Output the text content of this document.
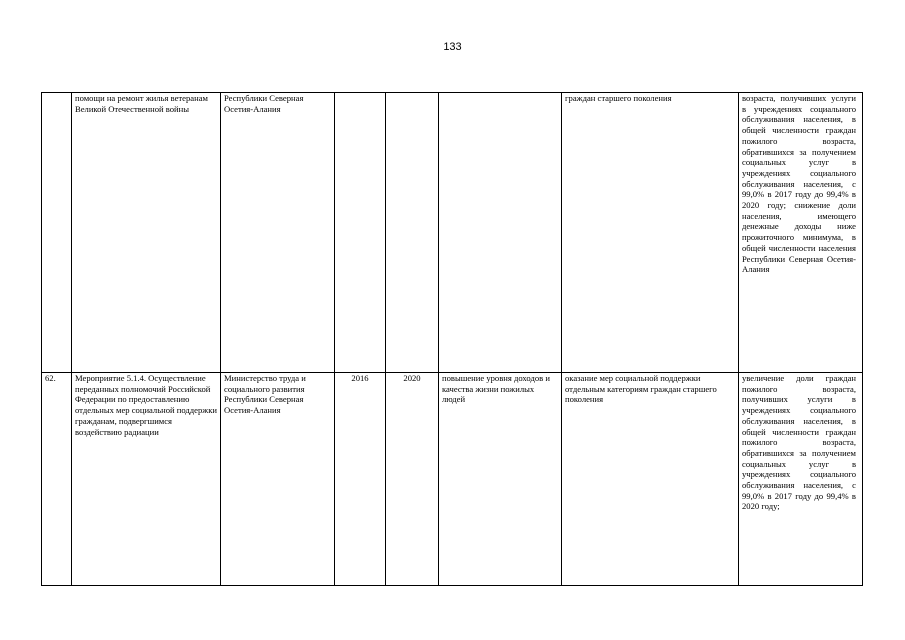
133
	помощи на ремонт жилья ветеранам Великой Отечественной войны	Республики Северная Осетия-Алания				граждан старшего поколения	возраста, получивших услуги в учреждениях социального обслуживания населения, в общей численности граждан пожилого возраста, обратившихся за получением социальных услуг в учреждениях социального обслуживания населения, с 99,0% в 2017 году до 99,4% в 2020 году; снижение доли населения, имеющего денежные доходы ниже прожиточного минимума, в общей численности населения Республики Северная Осетия-Алания
62.	Мероприятие 5.1.4. Осуществление переданных полномочий Российской Федерации по предоставлению отдельных мер социальной поддержки гражданам, подвергшимся воздействию радиации	Министерство труда и социального развития Республики Северная Осетия-Алания	2016	2020	повышение уровня доходов и качества жизни пожилых людей	оказание мер социальной поддержки отдельным категориям граждан старшего поколения	увеличение доли граждан пожилого возраста, получивших услуги в учреждениях социального обслуживания населения, в общей численности граждан пожилого возраста, обратившихся за получением социальных услуг в учреждениях социального обслуживания населения, с 99,0% в 2017 году до 99,4% в 2020 году;
